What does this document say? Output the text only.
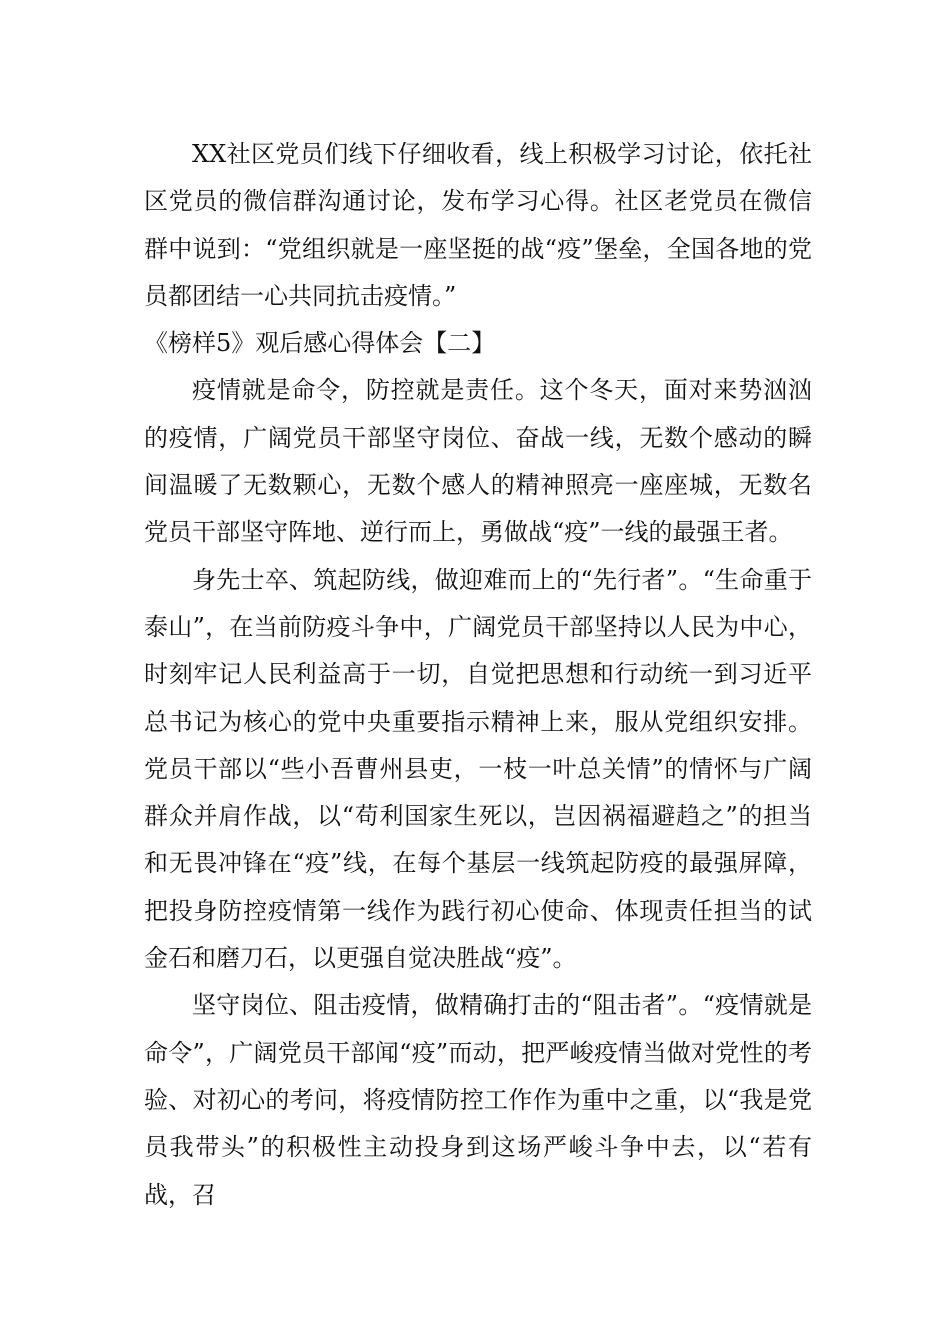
XX社区党员们线下仔细收看，线上积极学习讨论，依托社区党员的微信群沟通讨论，发布学习心得。社区老党员在微信群中说到：“党组织就是一座坚挺的战“疫”堡垒，全国各地的党员都团结一心共同抗击疫情。”

《榜样5》观后感心得体会【二】

疫情就是命令，防控就是责任。这个冬天，面对来势汹汹的疫情，广阔党员干部坚守岗位、奋战一线，无数个感动的瞬间温暖了无数颗心，无数个感人的精神照亮一座座城，无数名党员干部坚守阵地、逆行而上，勇做战“疫”一线的最强王者。

身先士卒、筑起防线，做迎难而上的“先行者”。“生命重于泰山”，在当前防疫斗争中，广阔党员干部坚持以人民为中心，时刻牢记人民利益高于一切，自觉把思想和行动统一到习近平总书记为核心的党中央重要指示精神上来，服从党组织安排。党员干部以“些小吾曹州县吏，一枝一叶总关情”的情怀与广阔群众并肩作战，以“苟利国家生死以，岂因祸福避趋之”的担当和无畏冲锋在“疫”线，在每个基层一线筑起防疫的最强屏障，把投身防控疫情第一线作为践行初心使命、体现责任担当的试金石和磨刀石，以更强自觉决胜战“疫”。

坚守岗位、阻击疫情，做精确打击的“阻击者”。“疫情就是命令”，广阔党员干部闻“疫”而动，把严峻疫情当做对党性的考验、对初心的考问，将疫情防控工作作为重中之重，以“我是党员我带头”的积极性主动投身到这场严峻斗争中去，以“若有战，召
